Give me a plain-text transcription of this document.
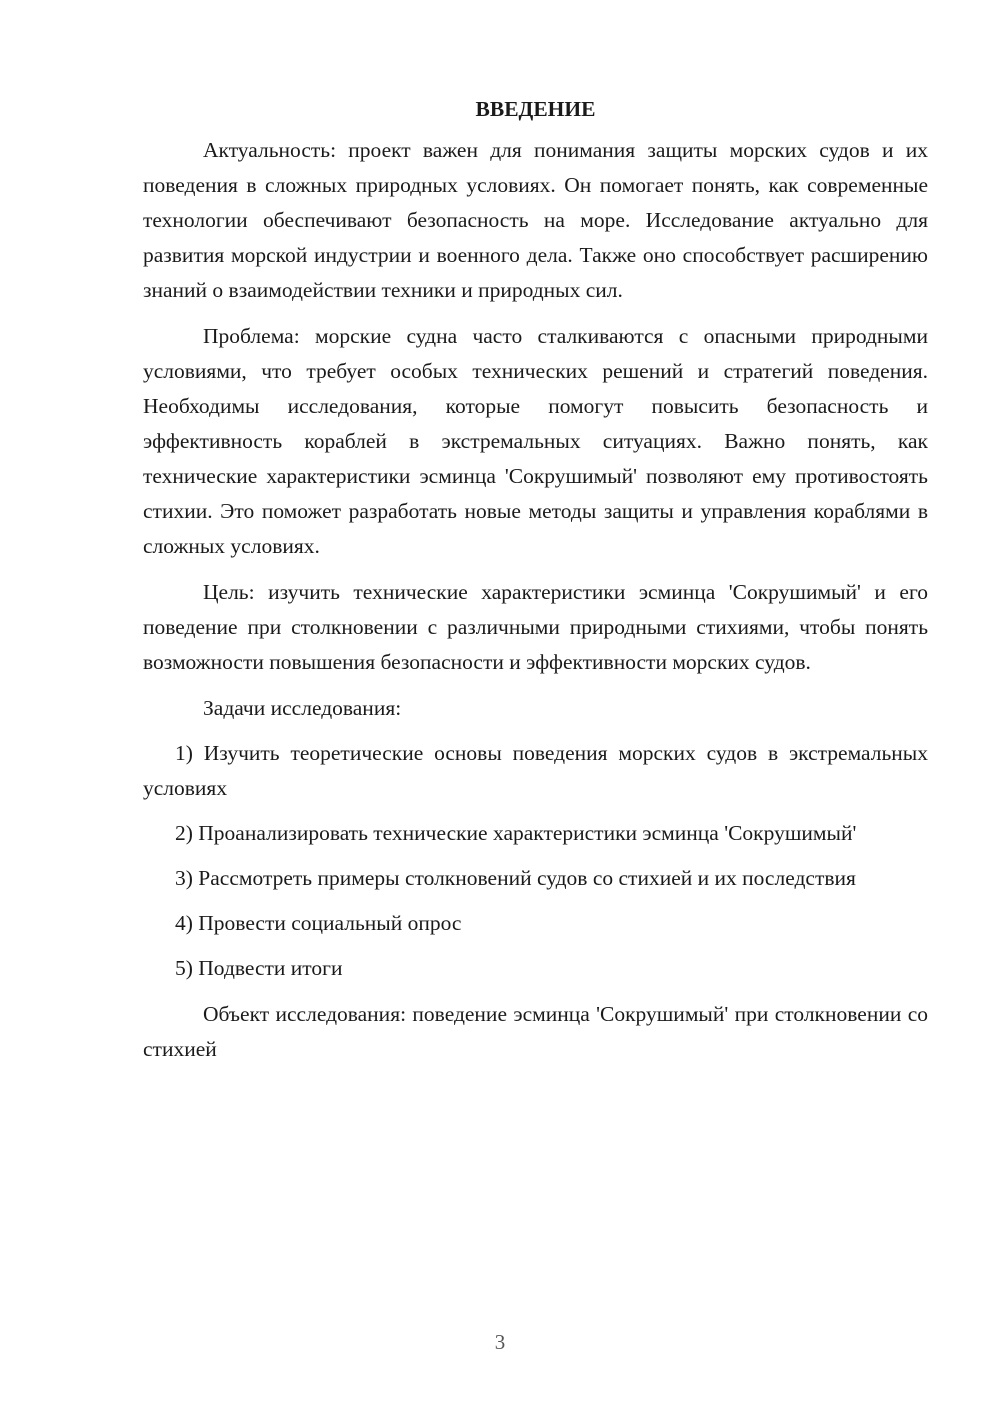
ВВЕДЕНИЕ

Актуальность: проект важен для понимания защиты морских судов и их поведения в сложных природных условиях. Он помогает понять, как современные технологии обеспечивают безопасность на море. Исследование актуально для развития морской индустрии и военного дела. Также оно способствует расширению знаний о взаимодействии техники и природных сил.

Проблема: морские судна часто сталкиваются с опасными природными условиями, что требует особых технических решений и стратегий поведения. Необходимы исследования, которые помогут повысить безопасность и эффективность кораблей в экстремальных ситуациях. Важно понять, как технические характеристики эсминца 'Сокрушимый' позволяют ему противостоять стихии. Это поможет разработать новые методы защиты и управления кораблями в сложных условиях.

Цель: изучить технические характеристики эсминца 'Сокрушимый' и его поведение при столкновении с различными природными стихиями, чтобы понять возможности повышения безопасности и эффективности морских судов.

Задачи исследования:

1) Изучить теоретические основы поведения морских судов в экстремальных условиях

2) Проанализировать технические характеристики эсминца 'Сокрушимый'

3) Рассмотреть примеры столкновений судов со стихией и их последствия

4) Провести социальный опрос

5) Подвести итоги

Объект исследования: поведение эсминца 'Сокрушимый' при столкновении со стихией

3
